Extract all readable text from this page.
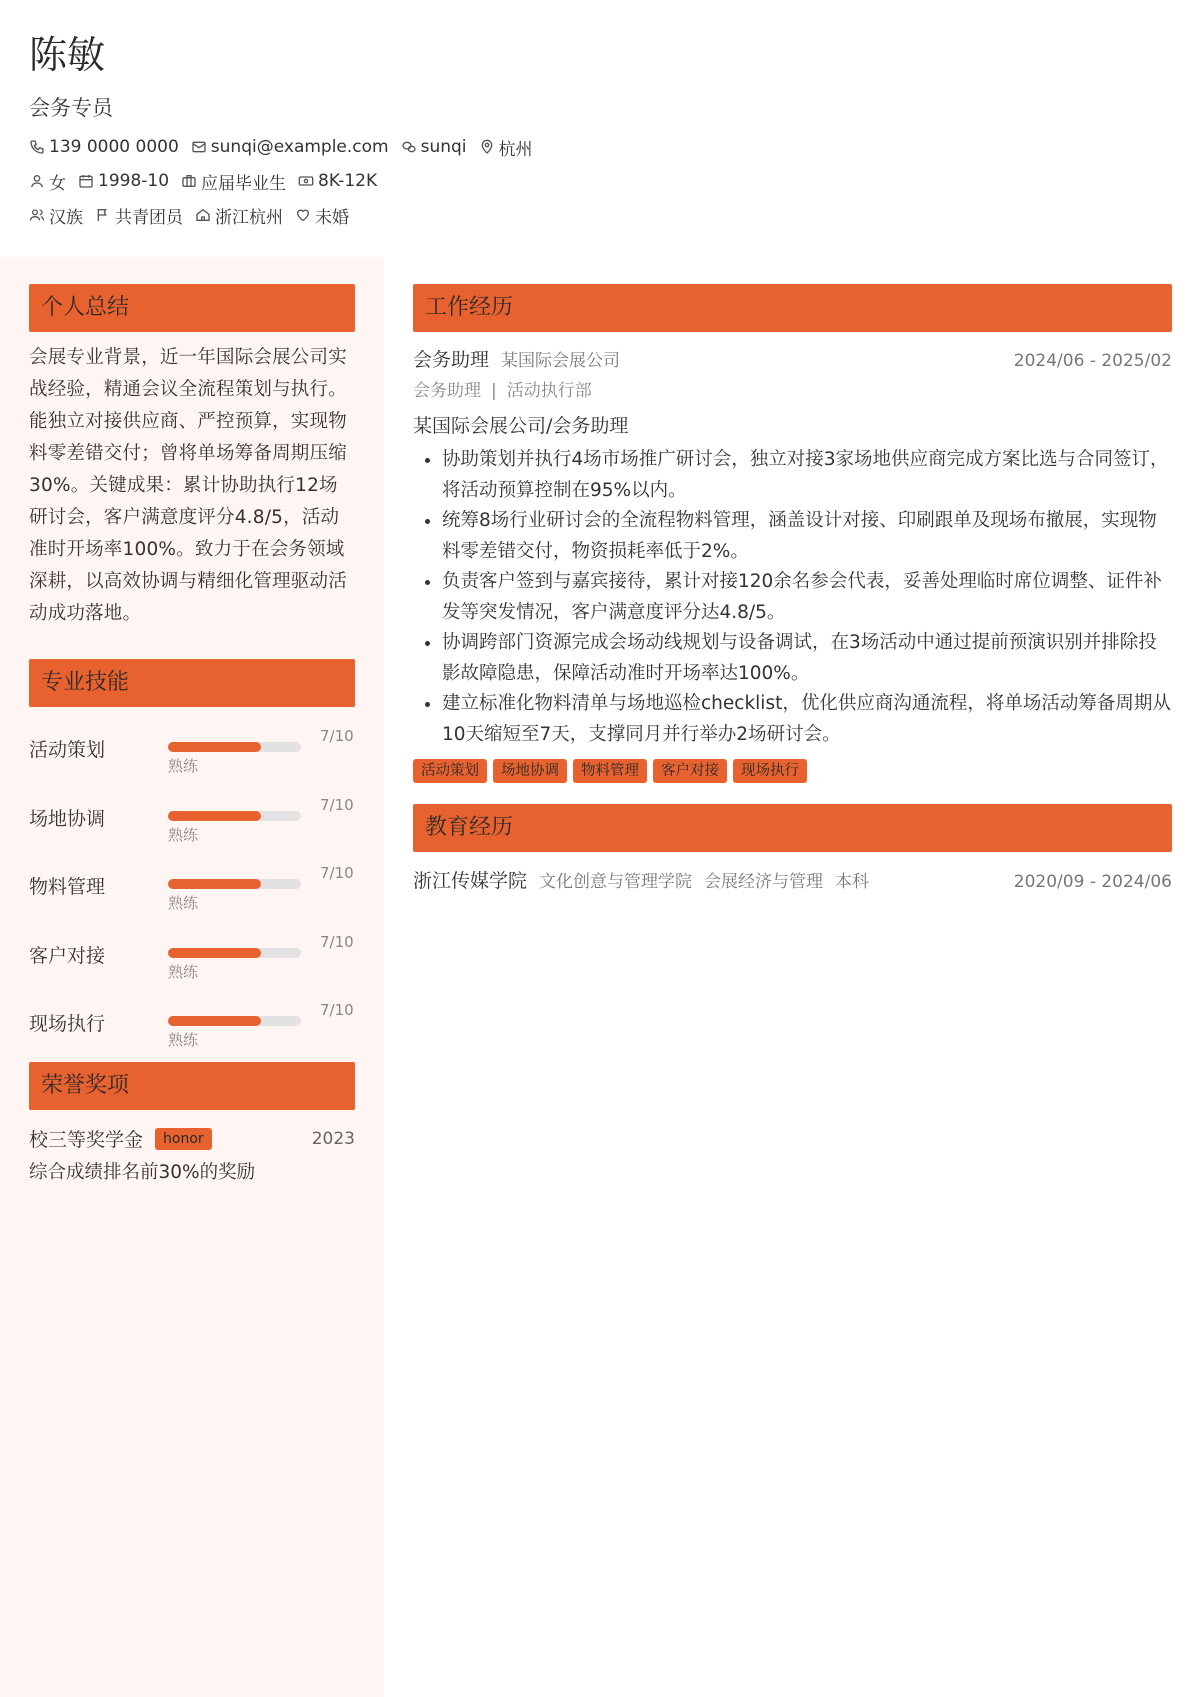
陈敏
会务专员
139 0000 0000 sunqi@example.com sunqi 杭州
女 1998-10 应届毕业生 8K-12K
汉族 共青团员 浙江杭州 未婚
个人总结
会展专业背景，近一年国际会展公司实战经验，精通会议全流程策划与执行。能独立对接供应商、严控预算，实现物料零差错交付；曾将单场筹备周期压缩30%。关键成果：累计协助执行12场研讨会，客户满意度评分4.8/5，活动准时开场率100%。致力于在会务领域深耕，以高效协调与精细化管理驱动活动成功落地。
专业技能
活动策划
7/10
熟练
场地协调
7/10
熟练
物料管理
7/10
熟练
客户对接
7/10
熟练
现场执行
7/10
熟练
荣誉奖项
校三等奖学金	honor	2023
综合成绩排名前30%的奖励
工作经历
会务助理 某国际会展公司	2024/06 - 2025/02
会务助理 | 活动执行部
某国际会展公司/会务助理
• 协助策划并执行4场市场推广研讨会，独立对接3家场地供应商完成方案比选与合同签订，将活动预算控制在95%以内。
• 统筹8场行业研讨会的全流程物料管理，涵盖设计对接、印刷跟单及现场布撤展，实现物料零差错交付，物资损耗率低于2%。
• 负责客户签到与嘉宾接待，累计对接120余名参会代表，妥善处理临时席位调整、证件补发等突发情况，客户满意度评分达4.8/5。
• 协调跨部门资源完成会场动线规划与设备调试，在3场活动中通过提前预演识别并排除投影故障隐患，保障活动准时开场率达100%。
• 建立标准化物料清单与场地巡检checklist，优化供应商沟通流程，将单场活动筹备周期从10天缩短至7天，支撑同月并行举办2场研讨会。
活动策划	场地协调	物料管理	客户对接	现场执行
教育经历
浙江传媒学院 文化创意与管理学院 会展经济与管理 本科	2020/09 - 2024/06
